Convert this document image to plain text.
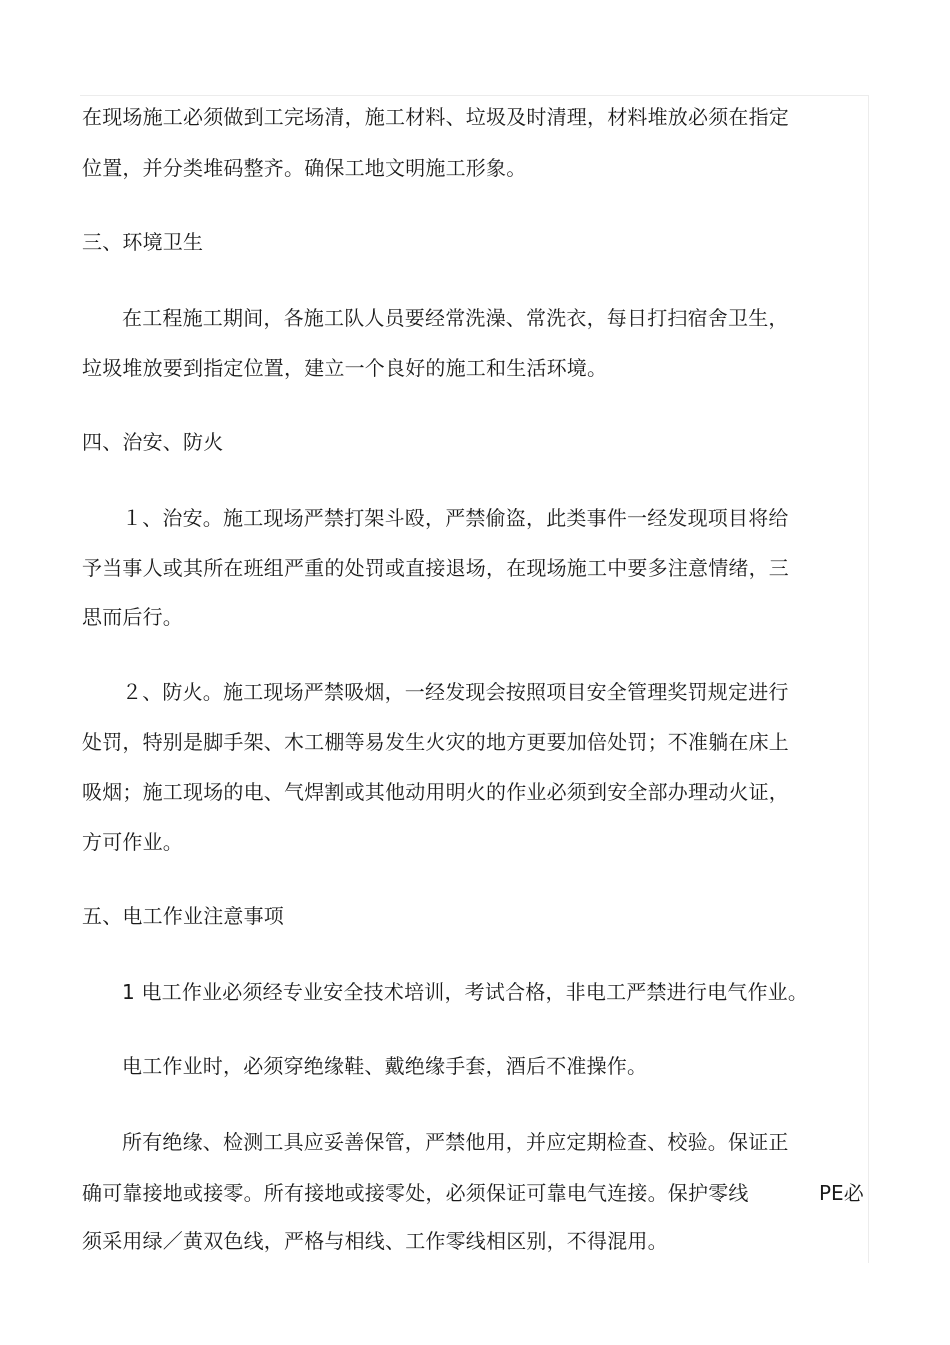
在现场施工必须做到工完场清，施工材料、垃圾及时清理，材料堆放必须在指定
位置，并分类堆码整齐。确保工地文明施工形象。
三、环境卫生
在工程施工期间，各施工队人员要经常洗澡、常洗衣，每日打扫宿舍卫生，
垃圾堆放要到指定位置，建立一个良好的施工和生活环境。
四、治安、防火
１、治安。施工现场严禁打架斗殴，严禁偷盗，此类事件一经发现项目将给
予当事人或其所在班组严重的处罚或直接退场，在现场施工中要多注意情绪，三
思而后行。
２、防火。施工现场严禁吸烟，一经发现会按照项目安全管理奖罚规定进行
处罚，特别是脚手架、木工棚等易发生火灾的地方更要加倍处罚；不准躺在床上
吸烟；施工现场的电、气焊割或其他动用明火的作业必须到安全部办理动火证，
方可作业。
五、电工作业注意事项
1 电工作业必须经专业安全技术培训，考试合格，非电工严禁进行电气作业。
电工作业时，必须穿绝缘鞋、戴绝缘手套，酒后不准操作。
所有绝缘、检测工具应妥善保管，严禁他用，并应定期检查、校验。保证正
确可靠接地或接零。所有接地或接零处，必须保证可靠电气连接。保护零线	PE必
须采用绿／黄双色线，严格与相线、工作零线相区别，不得混用。
